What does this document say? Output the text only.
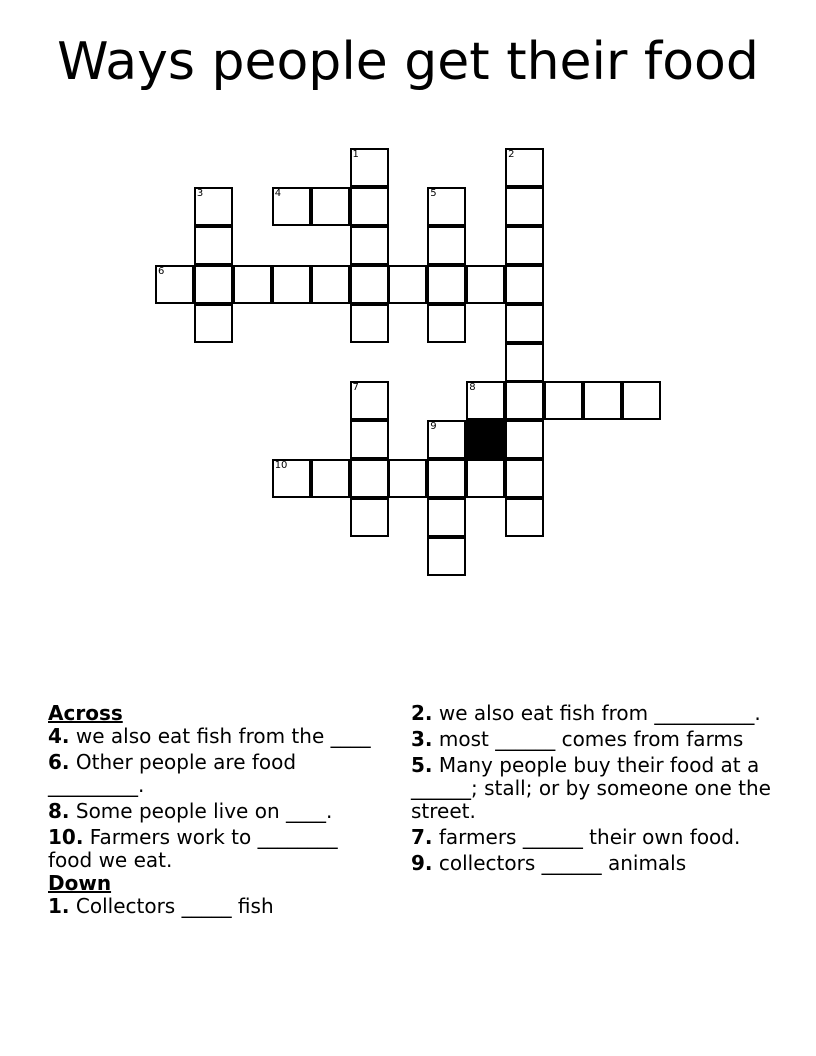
Ways people get their food
1	2
3	4	5
6
7	8
9
10
Across
4. we also eat fish from the ____
6. Other people are food _________.
8. Some people live on ____.
10. Farmers work to ________ food we eat.
Down
1. Collectors _____ fish
2. we also eat fish from __________.
3. most ______ comes from farms
5. Many people buy their food at a ______; stall; or by someone one the street.
7. farmers ______ their own food.
9. collectors ______ animals
